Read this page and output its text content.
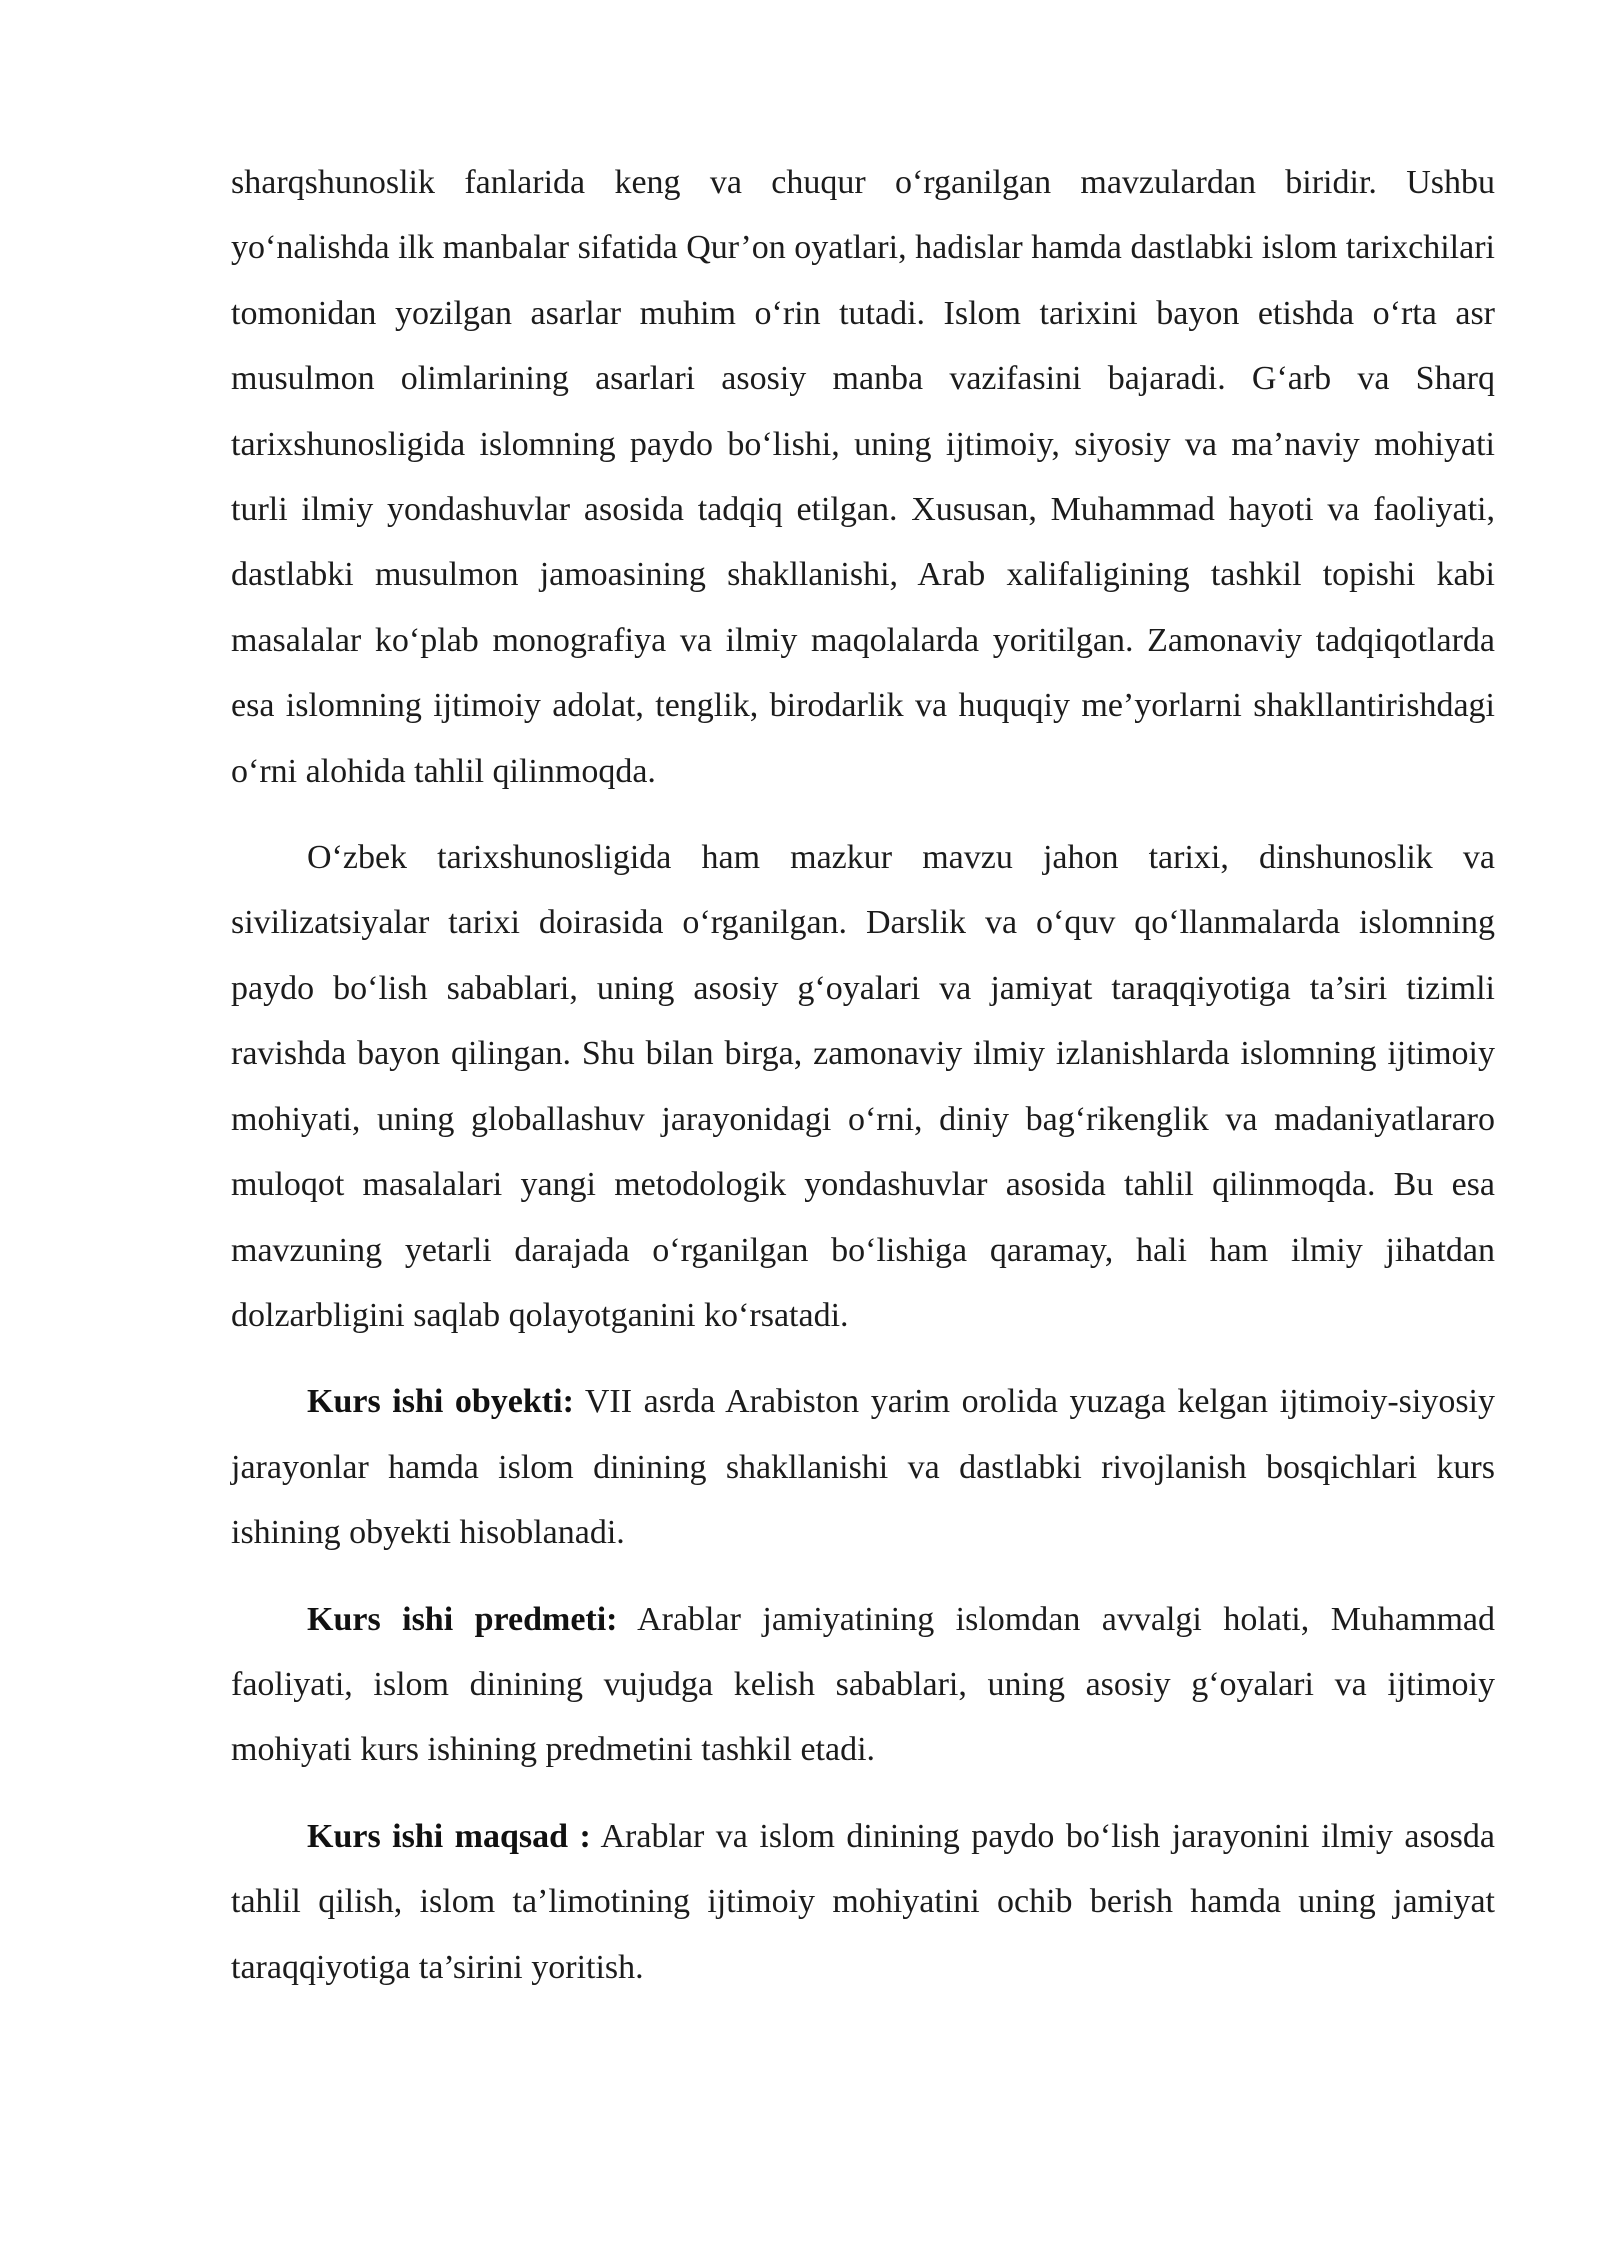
sharqshunoslik fanlarida keng va chuqur o‘rganilgan mavzulardan biridir. Ushbu yo‘nalishda ilk manbalar sifatida Qur’on oyatlari, hadislar hamda dastlabki islom tarixchilari tomonidan yozilgan asarlar muhim o‘rin tutadi. Islom tarixini bayon etishda o‘rta asr musulmon olimlarining asarlari asosiy manba vazifasini bajaradi. G‘arb va Sharq tarixshunosligida islomning paydo bo‘lishi, uning ijtimoiy, siyosiy va ma’naviy mohiyati turli ilmiy yondashuvlar asosida tadqiq etilgan. Xususan, Muhammad hayoti va faoliyati, dastlabki musulmon jamoasining shakllanishi, Arab xalifaligining tashkil topishi kabi masalalar ko‘plab monografiya va ilmiy maqolalarda yoritilgan. Zamonaviy tadqiqotlarda esa islomning ijtimoiy adolat, tenglik, birodarlik va huquqiy me’yorlarni shakllantirishdagi o‘rni alohida tahlil qilinmoqda.

O‘zbek tarixshunosligida ham mazkur mavzu jahon tarixi, dinshunoslik va sivilizatsiyalar tarixi doirasida o‘rganilgan. Darslik va o‘quv qo‘llanmalarda islomning paydo bo‘lish sabablari, uning asosiy g‘oyalari va jamiyat taraqqiyotiga ta’siri tizimli ravishda bayon qilingan. Shu bilan birga, zamonaviy ilmiy izlanishlarda islomning ijtimoiy mohiyati, uning globallashuv jarayonidagi o‘rni, diniy bag‘rikenglik va madaniyatlararo muloqot masalalari yangi metodologik yondashuvlar asosida tahlil qilinmoqda. Bu esa mavzuning yetarli darajada o‘rganilgan bo‘lishiga qaramay, hali ham ilmiy jihatdan dolzarbligini saqlab qolayotganini ko‘rsatadi.

Kurs ishi obyekti: VII asrda Arabiston yarim orolida yuzaga kelgan ijtimoiy-siyosiy jarayonlar hamda islom dinining shakllanishi va dastlabki rivojlanish bosqichlari kurs ishining obyekti hisoblanadi.

Kurs ishi predmeti: Arablar jamiyatining islomdan avvalgi holati, Muhammad faoliyati, islom dinining vujudga kelish sabablari, uning asosiy g‘oyalari va ijtimoiy mohiyati kurs ishining predmetini tashkil etadi.

Kurs ishi maqsad : Arablar va islom dinining paydo bo‘lish jarayonini ilmiy asosda tahlil qilish, islom ta’limotining ijtimoiy mohiyatini ochib berish hamda uning jamiyat taraqqiyotiga ta’sirini yoritish.
